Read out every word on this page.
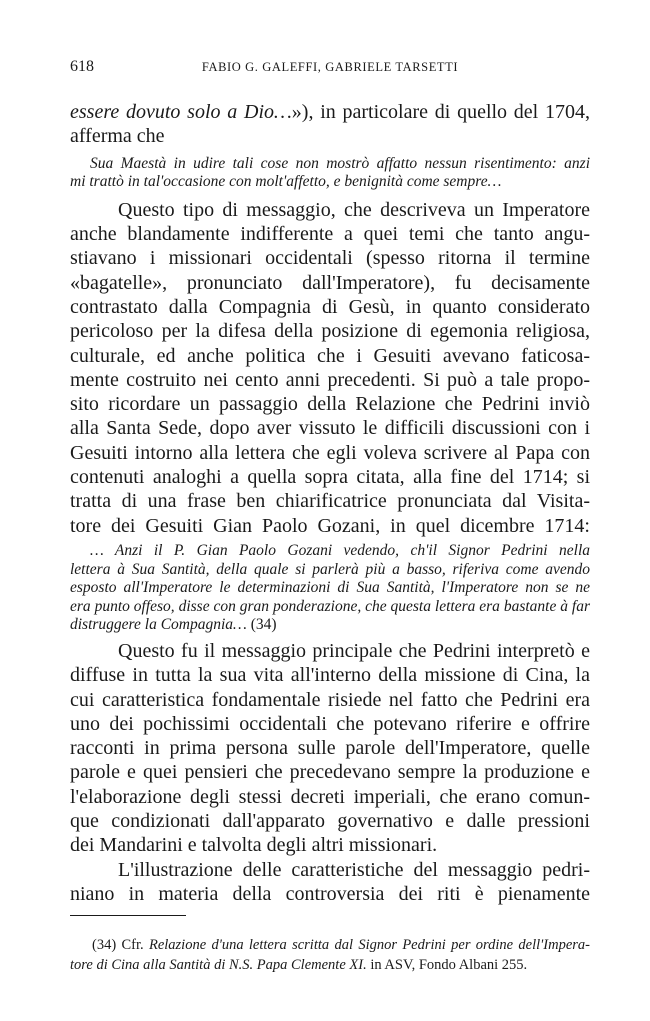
618	FABIO G. GALEFFI, GABRIELE TARSETTI
essere dovuto solo a Dio…»), in particolare di quello del 1704,
afferma che
Sua Maestà in udire tali cose non mostrò affatto nessun risentimento: anzi
mi trattò in tal'occasione con molt'affetto, e benignità come sempre…
Questo tipo di messaggio, che descriveva un Imperatore
anche blandamente indifferente a quei temi che tanto angu-
stiavano i missionari occidentali (spesso ritorna il termine
«bagatelle», pronunciato dall'Imperatore), fu decisamente
contrastato dalla Compagnia di Gesù, in quanto considerato
pericoloso per la difesa della posizione di egemonia religiosa,
culturale, ed anche politica che i Gesuiti avevano faticosa-
mente costruito nei cento anni precedenti. Si può a tale propo-
sito ricordare un passaggio della Relazione che Pedrini inviò
alla Santa Sede, dopo aver vissuto le difficili discussioni con i
Gesuiti intorno alla lettera che egli voleva scrivere al Papa con
contenuti analoghi a quella sopra citata, alla fine del 1714; si
tratta di una frase ben chiarificatrice pronunciata dal Visita-
tore dei Gesuiti Gian Paolo Gozani, in quel dicembre 1714:
… Anzi il P. Gian Paolo Gozani vedendo, ch'il Signor Pedrini nella
lettera à Sua Santità, della quale si parlerà più a basso, riferiva come avendo
esposto all'Imperatore le determinazioni di Sua Santità, l'Imperatore non se ne
era punto offeso, disse con gran ponderazione, che questa lettera era bastante à far
distruggere la Compagnia… (34)
Questo fu il messaggio principale che Pedrini interpretò e
diffuse in tutta la sua vita all'interno della missione di Cina, la
cui caratteristica fondamentale risiede nel fatto che Pedrini era
uno dei pochissimi occidentali che potevano riferire e offrire
racconti in prima persona sulle parole dell'Imperatore, quelle
parole e quei pensieri che precedevano sempre la produzione e
l'elaborazione degli stessi decreti imperiali, che erano comun-
que condizionati dall'apparato governativo e dalle pressioni
dei Mandarini e talvolta degli altri missionari.
L'illustrazione delle caratteristiche del messaggio pedri-
niano in materia della controversia dei riti è pienamente
(34) Cfr. Relazione d'una lettera scritta dal Signor Pedrini per ordine dell'Impera-
tore di Cina alla Santità di N.S. Papa Clemente XI. in ASV, Fondo Albani 255.
